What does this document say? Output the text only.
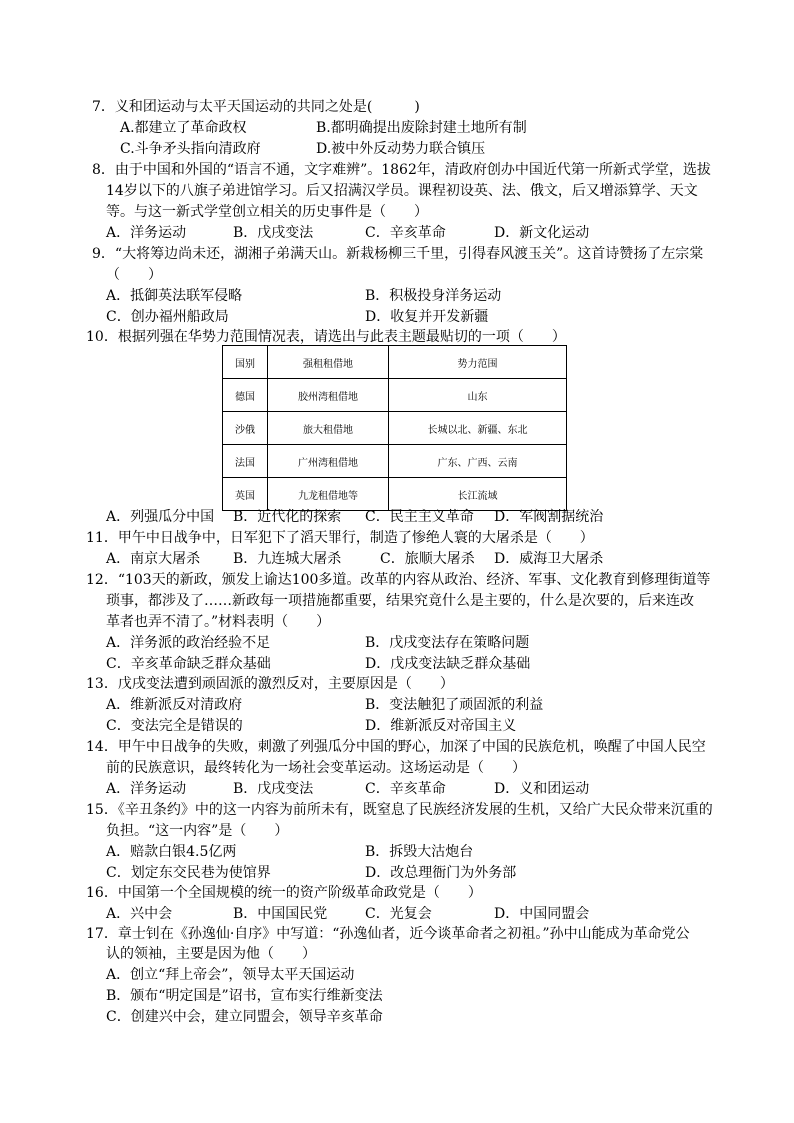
7．义和团运动与太平天国运动的共同之处是(　　　)
A.都建立了革命政权	B.都明确提出废除封建土地所有制
C.斗争矛头指向清政府	D.被中外反动势力联合镇压
8．由于中国和外国的“语言不通，文字难辨”。1862年，清政府创办中国近代第一所新式学堂，选拔
14岁以下的八旗子弟进馆学习。后又招满汉学员。课程初设英、法、俄文，后又增添算学、天文
等。与这一新式学堂创立相关的历史事件是（　　）
A．洋务运动	B．戊戌变法	C．辛亥革命	D．新文化运动
9．“大将筹边尚未还，湖湘子弟满天山。新栽杨柳三千里，引得春风渡玉关”。这首诗赞扬了左宗棠
（　　）
A．抵御英法联军侵略	B．积极投身洋务运动
C．创办福州船政局	D．收复并开发新疆
10．根据列强在华势力范围情况表，请选出与此表主题最贴切的一项（　　）
国别	强租租借地	势力范围
德国	胶州湾租借地	山东
沙俄	旅大租借地	长城以北、新疆、东北
法国	广州湾租借地	广东、广西、云南
英国	九龙租借地等	长江流域
A．列强瓜分中国 B．近代化的探索 C．民主主义革命 D．军阀割据统治
11．甲午中日战争中，日军犯下了滔天罪行，制造了惨绝人寰的大屠杀是（　　）
A．南京大屠杀 B．九连城大屠杀	C．旅顺大屠杀 D．威海卫大屠杀
12．“103天的新政，颁发上谕达100多道。改革的内容从政治、经济、军事、文化教育到修理街道等
琐事，都涉及了……新政每一项措施都重要，结果究竟什么是主要的，什么是次要的，后来连改
革者也弄不清了。”材料表明（　　）
A．洋务派的政治经验不足	B．戊戌变法存在策略问题
C．辛亥革命缺乏群众基础	D．戊戌变法缺乏群众基础
13．戊戌变法遭到顽固派的激烈反对，主要原因是（　　）
A．维新派反对清政府	B．变法触犯了顽固派的利益
C．变法完全是错误的	D．维新派反对帝国主义
14．甲午中日战争的失败，刺激了列强瓜分中国的野心，加深了中国的民族危机，唤醒了中国人民空
前的民族意识，最终转化为一场社会变革运动。这场运动是（　　）
A．洋务运动	B．戊戌变法	C．辛亥革命	D．义和团运动
15．《辛丑条约》中的这一内容为前所未有，既窒息了民族经济发展的生机，又给广大民众带来沉重的
负担。“这一内容”是（　　）
A．赔款白银4.5亿两	B．拆毁大沽炮台
C．划定东交民巷为使馆界	D．改总理衙门为外务部
16．中国第一个全国规模的统一的资产阶级革命政党是（　　）
A．兴中会	B．中国国民党	C．光复会	D．中国同盟会
17．章士钊在《孙逸仙·自序》中写道：“孙逸仙者，近今谈革命者之初祖。”孙中山能成为革命党公
认的领袖，主要是因为他（　　）
A．创立“拜上帝会”，领导太平天国运动
B．颁布“明定国是”诏书，宣布实行维新变法
C．创建兴中会，建立同盟会，领导辛亥革命
